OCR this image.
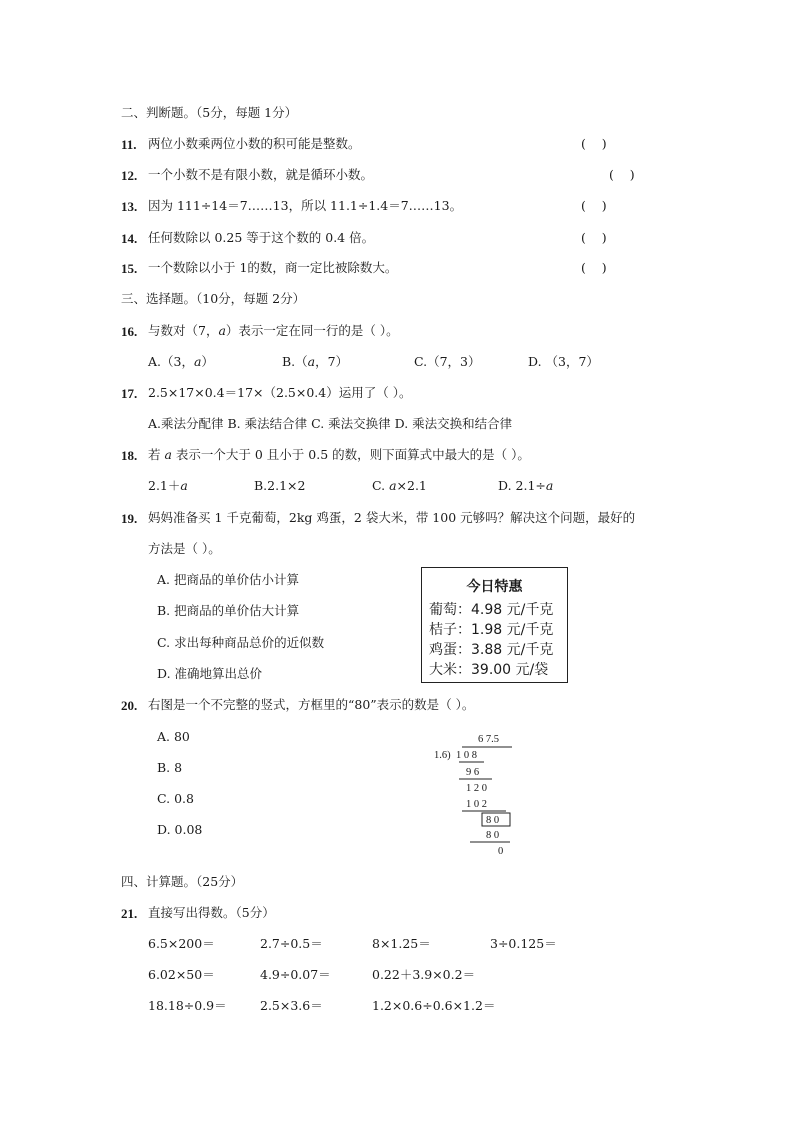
二、判断题。（5分，每题 1分）
11. 两位小数乘两位小数的积可能是整数。	(    )
12. 一个小数不是有限小数，就是循环小数。	(    )
13. 因为 111÷14＝7……13，所以 11.1÷1.4＝7……13。	(    )
14. 任何数除以 0.25 等于这个数的 0.4 倍。	(    )
15. 一个数除以小于 1的数，商一定比被除数大。	(    )
三、选择题。（10分，每题 2分）
16. 与数对（7，a）表示一定在同一行的是（ ）。
A.（3，a）	B.（a，7）	C.（7，3）	D. （3，7）
17. 2.5×17×0.4＝17×（2.5×0.4）运用了（ ）。
A.乘法分配律 B. 乘法结合律 C. 乘法交换律 D. 乘法交换和结合律
18. 若 a 表示一个大于 0 且小于 0.5 的数，则下面算式中最大的是（ ）。
2.1＋a	B.2.1×2	C. a×2.1	D. 2.1÷a
19. 妈妈准备买 1 千克葡萄，2kg 鸡蛋，2 袋大米，带 100 元够吗？解决这个问题，最好的
方法是（ ）。
A. 把商品的单价估小计算
B. 把商品的单价估大计算
C. 求出每种商品总价的近似数
D. 准确地算出总价
今日特惠
葡萄：4.98 元/千克
桔子：1.98 元/千克
鸡蛋：3.88 元/千克
大米：39.00 元/袋
20. 右图是一个不完整的竖式，方框里的“80”表示的数是（ ）。
A. 80
B. 8
C. 0.8
D. 0.08
6 7.5
1.6) 1 0 8
9 6
1 2 0
1 0 2
8 0
8 0
0
四、计算题。（25分）
21. 直接写出得数。（5分）
6.5×200＝	2.7÷0.5＝	8×1.25＝	3÷0.125＝
6.02×50＝	4.9÷0.07＝	0.22＋3.9×0.2＝
18.18÷0.9＝	2.5×3.6＝	1.2×0.6÷0.6×1.2＝
